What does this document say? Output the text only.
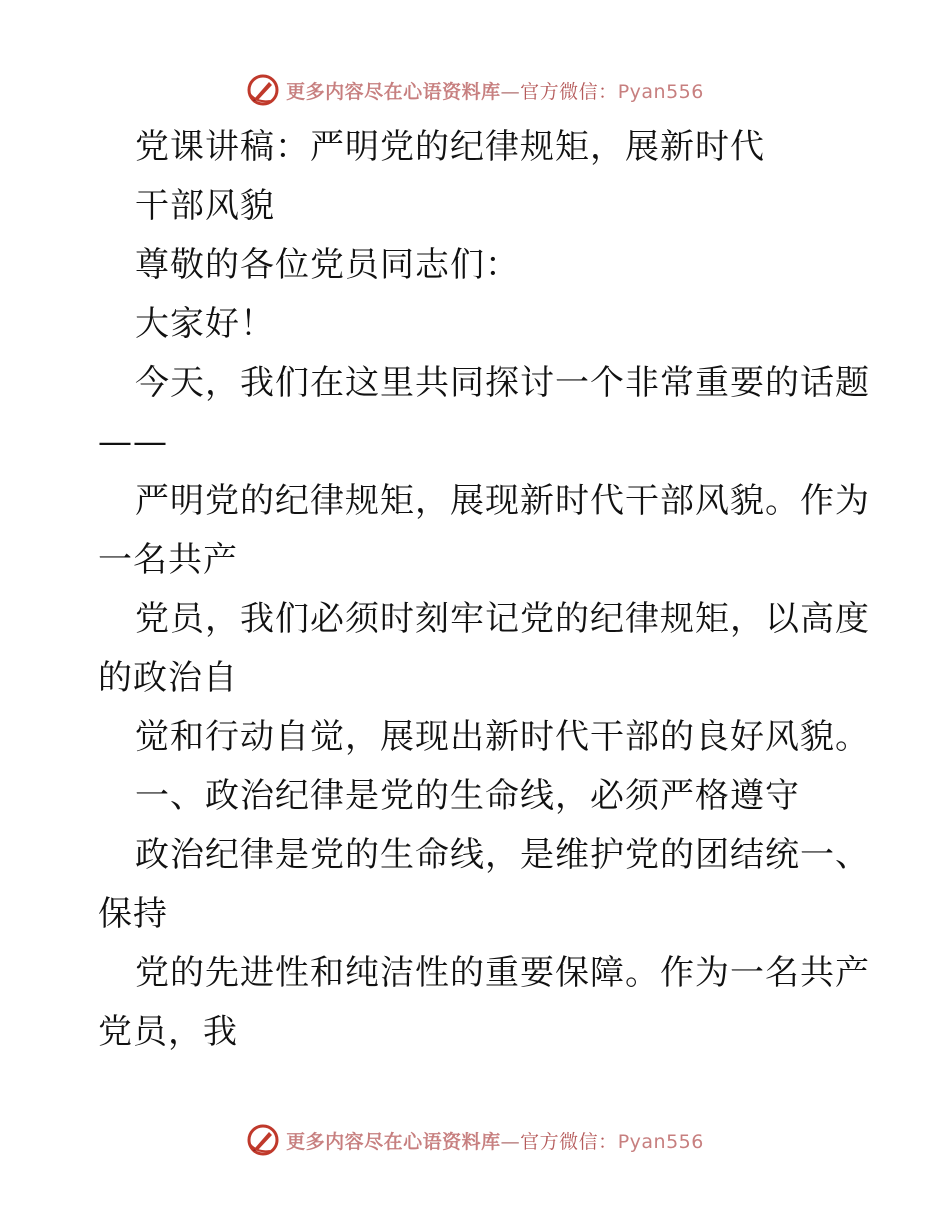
更多内容尽在心语资料库—官方微信：Pyan556
党课讲稿：严明党的纪律规矩，展新时代
干部风貌
尊敬的各位党员同志们：
大家好！
今天，我们在这里共同探讨一个非常重要的话题
——
严明党的纪律规矩，展现新时代干部风貌。作为
一名共产
党员，我们必须时刻牢记党的纪律规矩，以高度
的政治自
觉和行动自觉，展现出新时代干部的良好风貌。
一、政治纪律是党的生命线，必须严格遵守
政治纪律是党的生命线，是维护党的团结统一、
保持
党的先进性和纯洁性的重要保障。作为一名共产
党员，我
更多内容尽在心语资料库—官方微信：Pyan556
